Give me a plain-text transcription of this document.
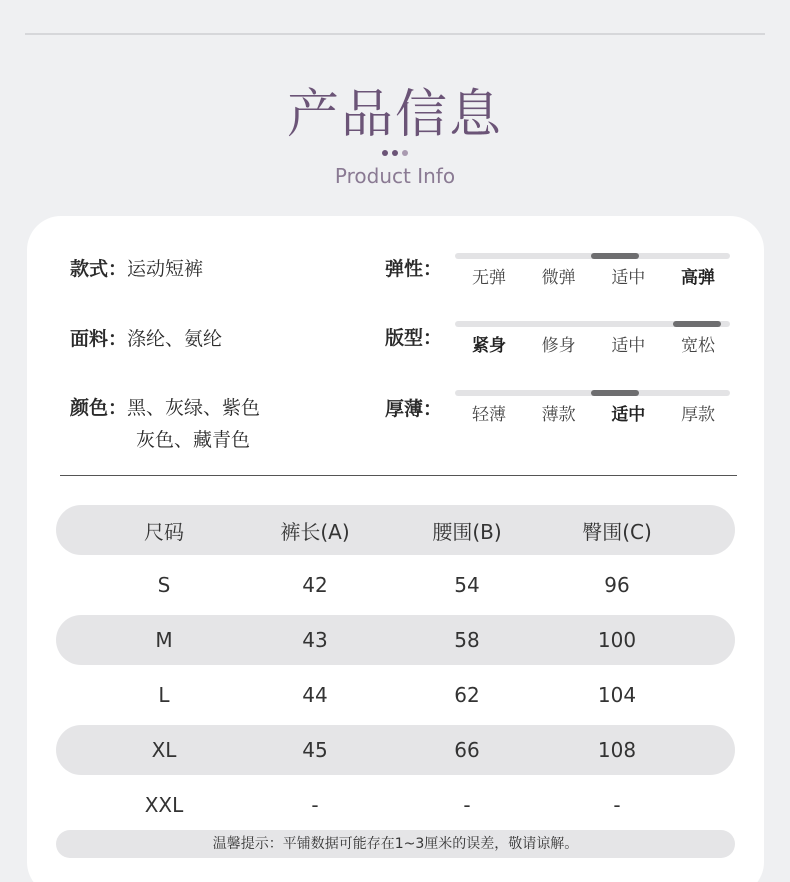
产品信息
Product Info
款式：运动短裤
面料：涤纶、氨纶
颜色：黑、灰绿、紫色
灰色、藏青色
弹性： 无弹 微弹 适中 高弹
版型： 紧身 修身 适中 宽松
厚薄： 轻薄 薄款 适中 厚款
尺码	裤长(A)	腰围(B)	臀围(C)
S	42	54	96
M	43	58	100
L	44	62	104
XL	45	66	108
XXL	-	-	-
温馨提示：平铺数据可能存在1~3厘米的误差，敬请谅解。
